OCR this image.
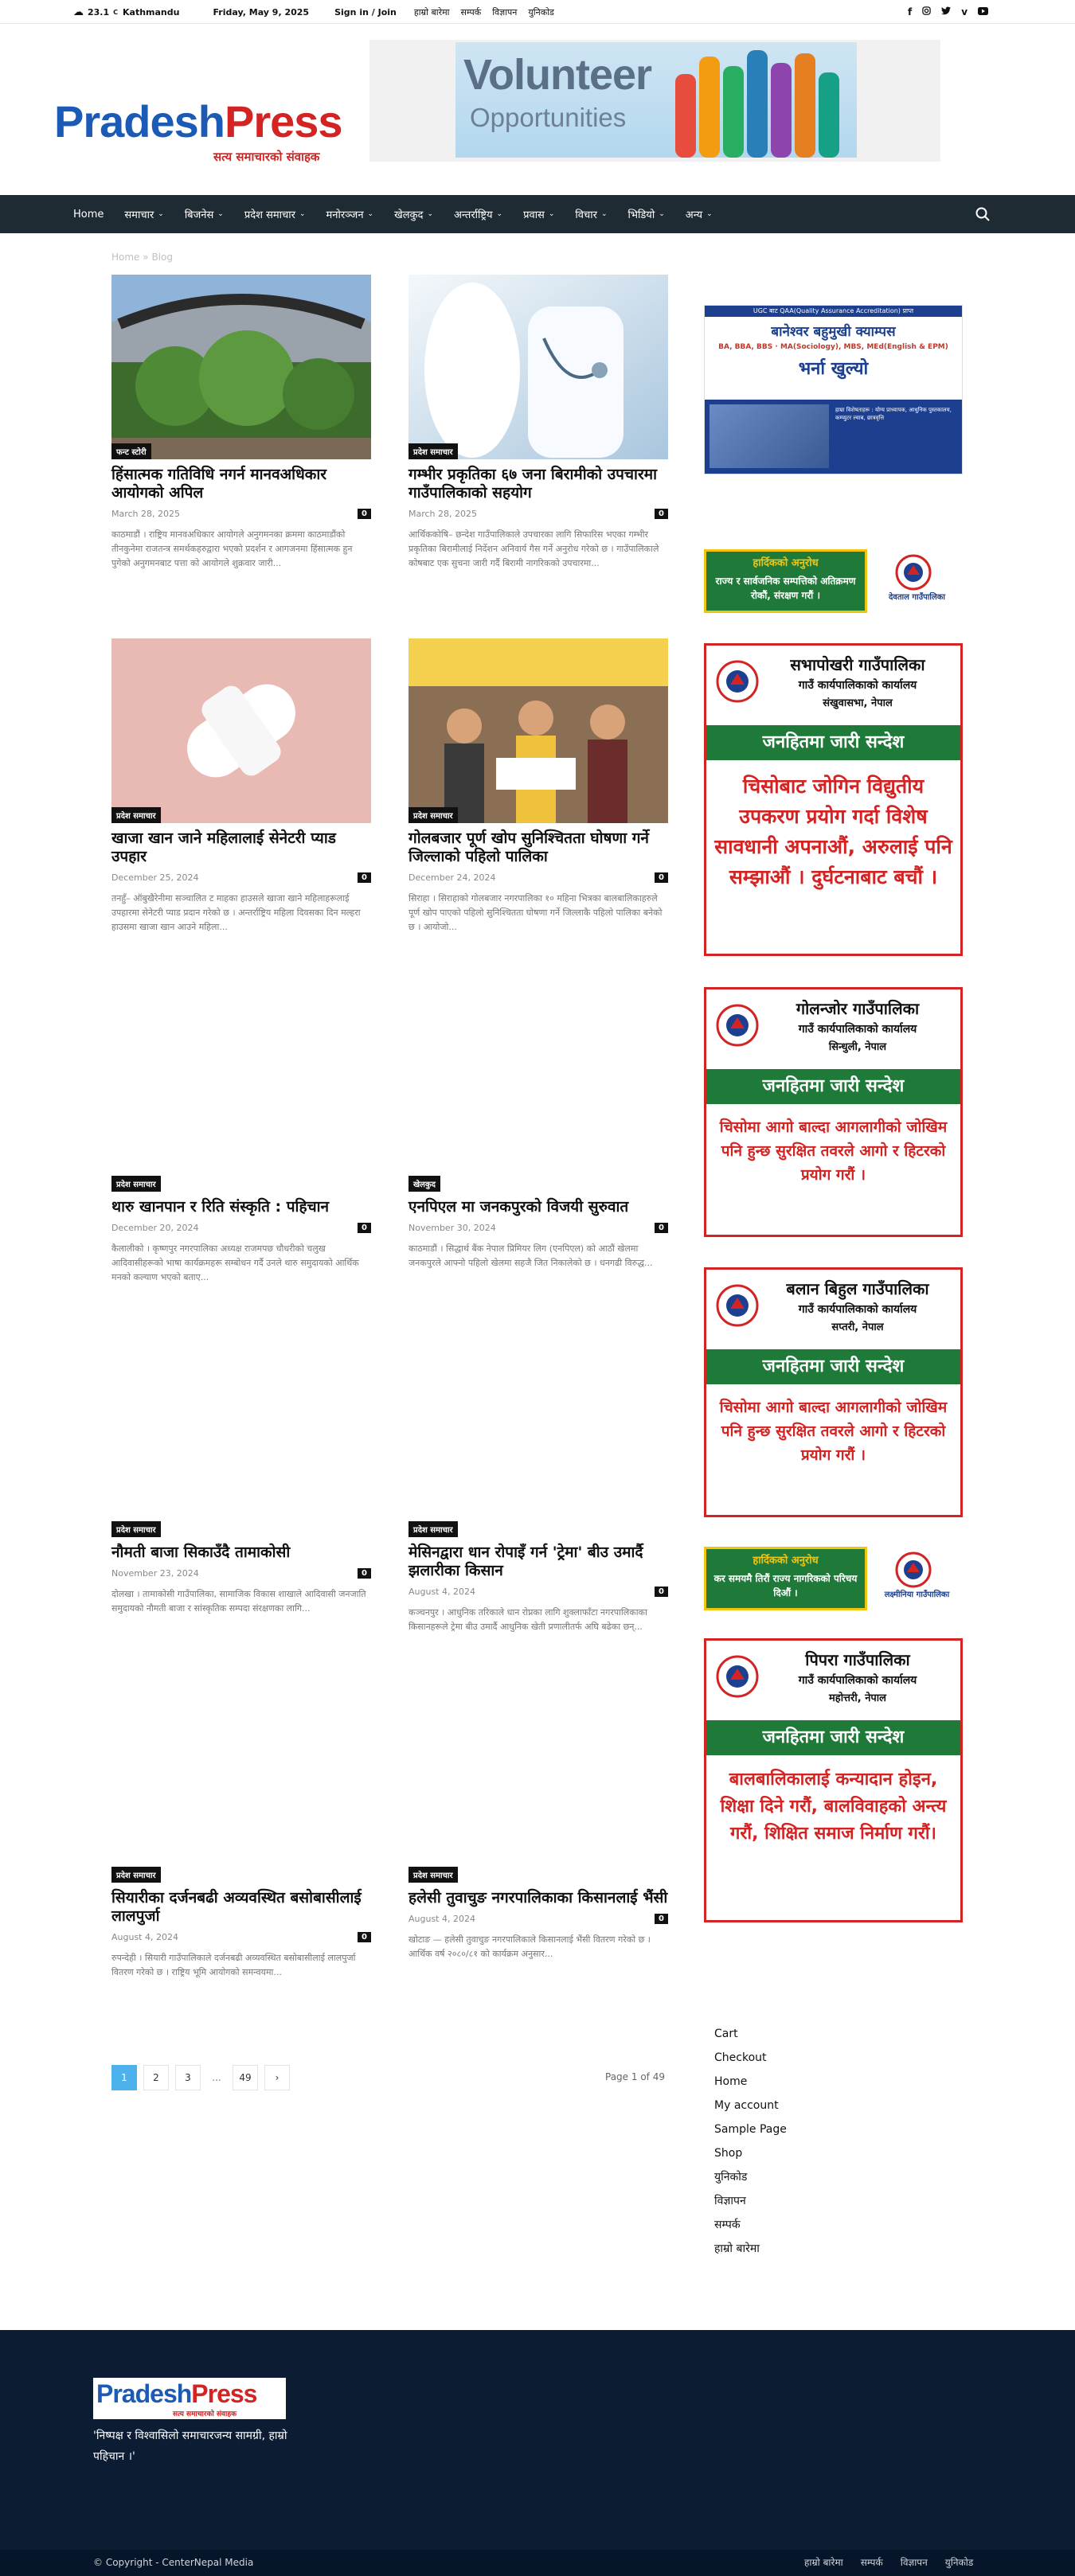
☁ 23.1 C Kathmandu	Friday, May 9, 2025	Sign in / Join हाम्रो बारेमा सम्पर्क विज्ञापन युनिकोड	f	v
PradeshPress
सत्य समाचारको संवाहक
Volunteer
Opportunities
Home समाचार ⌄ बिजनेस ⌄ प्रदेश समाचार ⌄ मनोरञ्जन ⌄ खेलकुद ⌄ अन्तर्राष्ट्रिय ⌄ प्रवास ⌄ विचार ⌄ भिडियो ⌄ अन्य ⌄
Home » Blog
फन्ट स्टोरी
हिंसात्मक गतिविधि नगर्न मानवअधिकार आयोगको अपिल
March 28, 2025	0
काठमाडौं । राष्ट्रिय मानवअधिकार आयोगले अनुगमनका क्रममा काठमाडौंको तीनकुनेमा राजतन्त्र समर्थकहरुद्वारा भएको प्रदर्शन र आगजनमा हिंसात्मक हुन पुगेको अनुगमनबाट पत्ता को आयोगले शुक्रवार जारी...
प्रदेश समाचार
गम्भीर प्रकृतिका ६७ जना बिरामीको उपचारमा गाउँपालिकाको सहयोग
March 28, 2025	0
आर्थिककोषि– छन्देश गाउँपालिकाले उपचारका लागि सिफारिस भएका गम्भीर प्रकृतिका बिरामीलाई निर्देशन अनिवार्य गैस गर्ने अनुरोध गरेको छ । गाउँपालिकाले कोषबाट एक सुचना जारी गर्दै बिरामी नागरिकको उपचारमा...
प्रदेश समाचार
खाजा खान जाने महिलालाई सेनेटरी प्याड उपहार
December 25, 2024	0
तनहुँ– ऑबुखैरेनीमा सञ्चालित ट माहका हाउसले खाजा खाने महिलाहरूलाई उपहारमा सेनेटरी प्याड प्रदान गरेको छ । अन्तर्राष्ट्रिय महिला दिवसका दिन मल्हरा हाउसमा खाजा खान आउने महिला...
प्रदेश समाचार
गोलबजार पूर्ण खोप सुनिश्चितता घोषणा गर्ने जिल्लाको पहिलो पालिका
December 24, 2024	0
सिराहा । सिराहाको गोलबजार नगरपालिका १० महिना भित्रका बालबालिकाहरुले पूर्ण खोप पाएको पहिलो सुनिश्चितता घोषणा गर्ने जिल्लाकै पहिलो पालिका बनेको छ । आयोजो...
प्रदेश समाचार
थारु खानपान र रिति संस्कृति : पहिचान
December 20, 2024	0
कैलालीको । कृष्णपुर नगरपालिका अध्यक्ष राजमपछ चौधरीको चलुख आदिवासीहरूको भाषा कार्यक्रमहरू सम्बोधन गर्दै उनले थारु समुदायको आर्थिक मनको कल्याण भएको बताए...
खेलकुद
एनपिएल मा जनकपुरको विजयी सुरुवात
November 30, 2024	0
काठमाडौं । सिद्धार्थ बैंक नेपाल प्रिमियर लिग (एनपिएल) को आठौं खेलमा जनकपुरले आफ्नो पहिलो खेलमा सहजै जित निकालेको छ । धनगढी विरुद्ध...
प्रदेश समाचार
नौमती बाजा सिकाउँदै तामाकोसी
November 23, 2024	0
दोलखा । तामाकोसी गाउँपालिका, सामाजिक विकास शाखाले आदिवासी जनजाति समुदायको नौमती बाजा र सांस्कृतिक सम्पदा संरक्षणका लागि...
प्रदेश समाचार
मेसिनद्वारा धान रोपाइँ गर्न 'ट्रेमा' बीउ उमार्दै झलारीका किसान
August 4, 2024	0
कञ्चनपुर । आधुनिक तरिकाले धान रोप्नका लागि शुक्लाफाँटा नगरपालिकाका किसानहरूले ट्रेमा बीउ उमार्दै आधुनिक खेती प्रणालीतर्फ अघि बढेका छन्...
प्रदेश समाचार
सियारीका दर्जनबढी अव्यवस्थित बसोबासीलाई लालपुर्जा
August 4, 2024	0
रुपन्देही । सियारी गाउँपालिकाले दर्जनबढी अव्यवस्थित बसोबासीलाई लालपुर्जा वितरण गरेको छ । राष्ट्रिय भूमि आयोगको समन्वयमा...
प्रदेश समाचार
हलेसी तुवाचुङ नगरपालिकाका किसानलाई भैंसी
August 4, 2024	0
खोटाङ — हलेसी तुवाचुङ नगरपालिकाले किसानलाई भैंसी वितरण गरेको छ । आर्थिक वर्ष २०८०/८१ को कार्यक्रम अनुसार...
1	2	3	...	49	›	Page 1 of 49
UGC बाट QAA(Quality Assurance Accreditation) प्राप्त
बानेश्वर बहुमुखी क्याम्पस
BA, BBA, BBS · MA(Sociology), MBS, MEd(English & EPM)
भर्ना खुल्यो
हाम्रा विशेषताहरू : योग्य प्राध्यापक, आधुनिक पुस्तकालय, कम्प्युटर ल्याब, छात्रवृत्ति
हार्दिकको अनुरोध
राज्य र सार्वजनिक सम्पत्तिको अतिक्रमण रोकौं, संरक्षण गरौं ।	देवताल गाउँपालिका
सभापोखरी गाउँपालिका
गाउँ कार्यपालिकाको कार्यालय
संखुवासभा, नेपाल
जनहितमा जारी सन्देश
चिसोबाट जोगिन विद्युतीय उपकरण प्रयोग गर्दा विशेष सावधानी अपनाऔं, अरुलाई पनि सम्झाऔं । दुर्घटनाबाट बचौं ।
गोलन्जोर गाउँपालिका
गाउँ कार्यपालिकाको कार्यालय
सिन्धुली, नेपाल
जनहितमा जारी सन्देश
चिसोमा आगो बाल्दा आगलागीको जोखिम पनि हुन्छ सुरक्षित तवरले आगो र हिटरको प्रयोग गरौं ।
बलान बिहुल गाउँपालिका
गाउँ कार्यपालिकाको कार्यालय
सप्तरी, नेपाल
जनहितमा जारी सन्देश
चिसोमा आगो बाल्दा आगलागीको जोखिम पनि हुन्छ सुरक्षित तवरले आगो र हिटरको प्रयोग गरौं ।
हार्दिकको अनुरोध
कर समयमै तिरौं राज्य नागरिकको परिचय दिऔं ।	लक्ष्मीनिया गाउँपालिका
पिपरा गाउँपालिका
गाउँ कार्यपालिकाको कार्यालय
महोत्तरी, नेपाल
जनहितमा जारी सन्देश
बालबालिकालाई कन्यादान होइन, शिक्षा दिने गरौं, बालविवाहको अन्त्य गरौं, शिक्षित समाज निर्माण गरौं।
Cart
Checkout
Home
My account
Sample Page
Shop
युनिकोड
विज्ञापन
सम्पर्क
हाम्रो बारेमा
PradeshPress
सत्य समाचारको संवाहक
'निष्पक्ष र विश्वासिलो समाचारजन्य सामग्री, हाम्रो पहिचान ।'
© Copyright - CenterNepal Media	हाम्रो बारेमा सम्पर्क विज्ञापन युनिकोड
